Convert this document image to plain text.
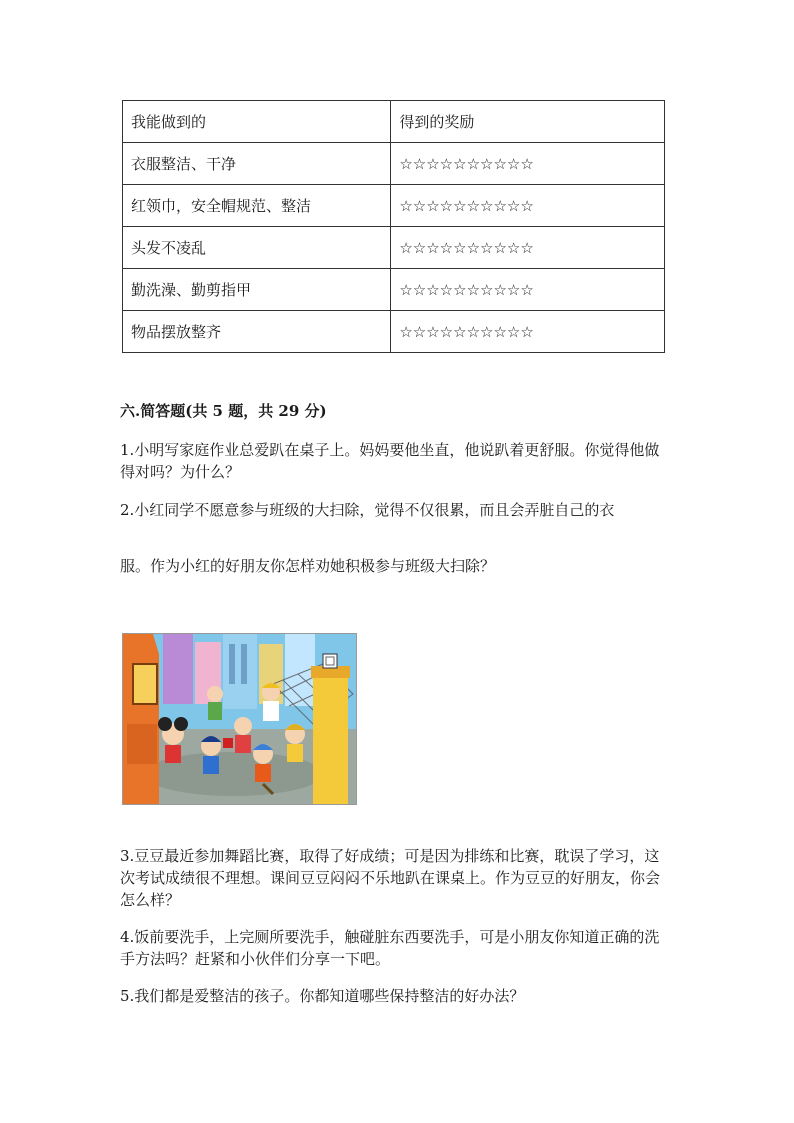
我能做到的	得到的奖励
衣服整洁、干净	☆☆☆☆☆☆☆☆☆☆
红领巾，安全帽规范、整洁	☆☆☆☆☆☆☆☆☆☆
头发不凌乱	☆☆☆☆☆☆☆☆☆☆
勤洗澡、勤剪指甲	☆☆☆☆☆☆☆☆☆☆
物品摆放整齐	☆☆☆☆☆☆☆☆☆☆
六.简答题(共 5 题，共 29 分)
1.小明写家庭作业总爱趴在桌子上。妈妈要他坐直，他说趴着更舒服。你觉得他做得对吗？为什么？
2.小红同学不愿意参与班级的大扫除，觉得不仅很累，而且会弄脏自己的衣
服。作为小红的好朋友你怎样劝她积极参与班级大扫除？
3.豆豆最近参加舞蹈比赛，取得了好成绩；可是因为排练和比赛，耽误了学习，这次考试成绩很不理想。课间豆豆闷闷不乐地趴在课桌上。作为豆豆的好朋友，你会怎么样？
4.饭前要洗手，上完厕所要洗手，触碰脏东西要洗手，可是小朋友你知道正确的洗手方法吗？赶紧和小伙伴们分享一下吧。
5.我们都是爱整洁的孩子。你都知道哪些保持整洁的好办法？
